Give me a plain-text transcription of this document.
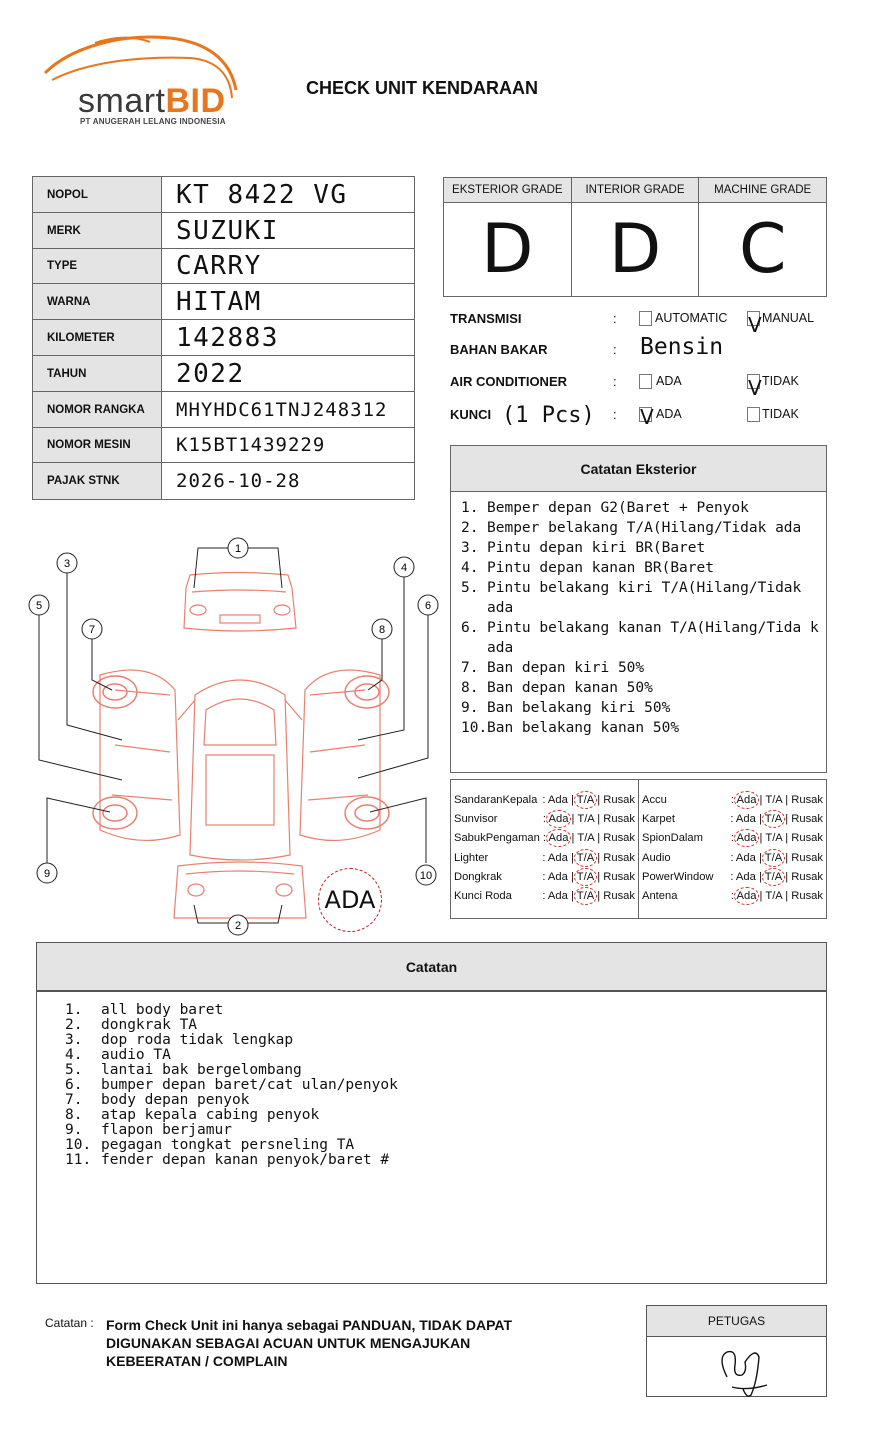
smartBID
PT ANUGERAH LELANG INDONESIA
CHECK UNIT KENDARAAN
NOPOL	KT 8422 VG
MERK	SUZUKI
TYPE	CARRY
WARNA	HITAM
KILOMETER	142883
TAHUN	2022
NOMOR RANGKA	MHYHDC61TNJ248312
NOMOR MESIN	K15BT1439229
PAJAK STNK	2026-10-28
EKSTERIOR GRADE
D
INTERIOR GRADE
D
MACHINE GRADE
C
TRANSMISI	:	AUTOMATIC V MANUAL
BAHAN BAKAR	: Bensin
AIR CONDITIONER	:	ADA	V TIDAK
KUNCI (1 Pcs) : V ADA	TIDAK
Catatan Eksterior
1. Bemper depan G2(Baret + Penyok
2. Bemper belakang T/A(Hilang/Tidak ada
3. Pintu depan kiri BR(Baret
4. Pintu depan kanan BR(Baret
5. Pintu belakang kiri T/A(Hilang/Tidak ada
6. Pintu belakang kanan T/A(Hilang/Tida k ada
7. Ban depan kiri 50%
8. Ban depan kanan 50%
9. Ban belakang kiri 50%
10. Ban belakang kanan 50%
SandaranKepala : Ada | T/A | Rusak
Sunvisor	: Ada | T/A | Rusak
SabukPengaman : Ada | T/A | Rusak
Lighter	: Ada | T/A | Rusak
Dongkrak	: Ada | T/A | Rusak
Kunci Roda	: Ada | T/A | Rusak
Accu	: Ada | T/A | Rusak
Karpet	: Ada | T/A | Rusak
SpionDalam : Ada | T/A | Rusak
Audio	: Ada | T/A | Rusak
PowerWindow : Ada | T/A | Rusak
Antena	: Ada | T/A | Rusak
1
2
3	4
5	6
7	8
9	10
ADA
Catatan
1.	all body baret
2.	dongkrak TA
3.	dop roda tidak lengkap
4.	audio TA
5.	lantai bak bergelombang
6.	bumper depan baret/cat ulan/penyok
7.	body depan penyok
8.	atap kepala cabing penyok
9.	flapon berjamur
10. pegagan tongkat persneling TA
11. fender depan kanan penyok/baret #
Catatan : Form Check Unit ini hanya sebagai PANDUAN, TIDAK DAPAT DIGUNAKAN SEBAGAI ACUAN UNTUK MENGAJUKAN KEBEERATAN / COMPLAIN
PETUGAS
